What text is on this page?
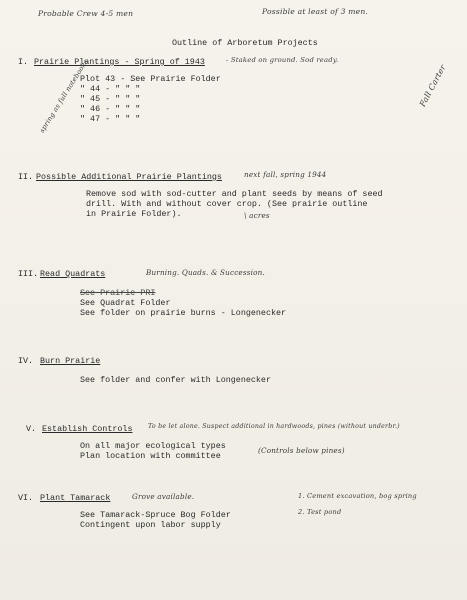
Probable Crew 4-5 men	Possible at least of 3 men.
Outline of Arboretum Projects
I. Prairie Plantings - Spring of 1943	- Staked on ground. Sod ready.
Plot 43 - See Prairie Folder
" 44 - " " "
" 45 - " " "
" 46 - " " "
" 47 - " " "
spring as full notebooks	Fall Carter
II. Possible Additional Prairie Plantings	next fall, spring 1944
Remove sod with sod-cutter and plant seeds by means of seed
drill. With and without cover crop. (See prairie outline
in Prairie Folder).	\ acres
III. Read Quadrats	Burning. Quads. & Succession.
See Prairie PRI
See Quadrat Folder
See folder on prairie burns - Longenecker
IV. Burn Prairie
See folder and confer with Longenecker
V. Establish Controls To be let alone. Suspect additional in hardwoods, pines (without underbr.)
On all major ecological types
Plan location with committee
(Controls below pines)
VI. Plant Tamarack	Grove available.
See Tamarack-Spruce Bog Folder
Contingent upon labor supply
1. Cement excavation, bog spring
2. Test pond
